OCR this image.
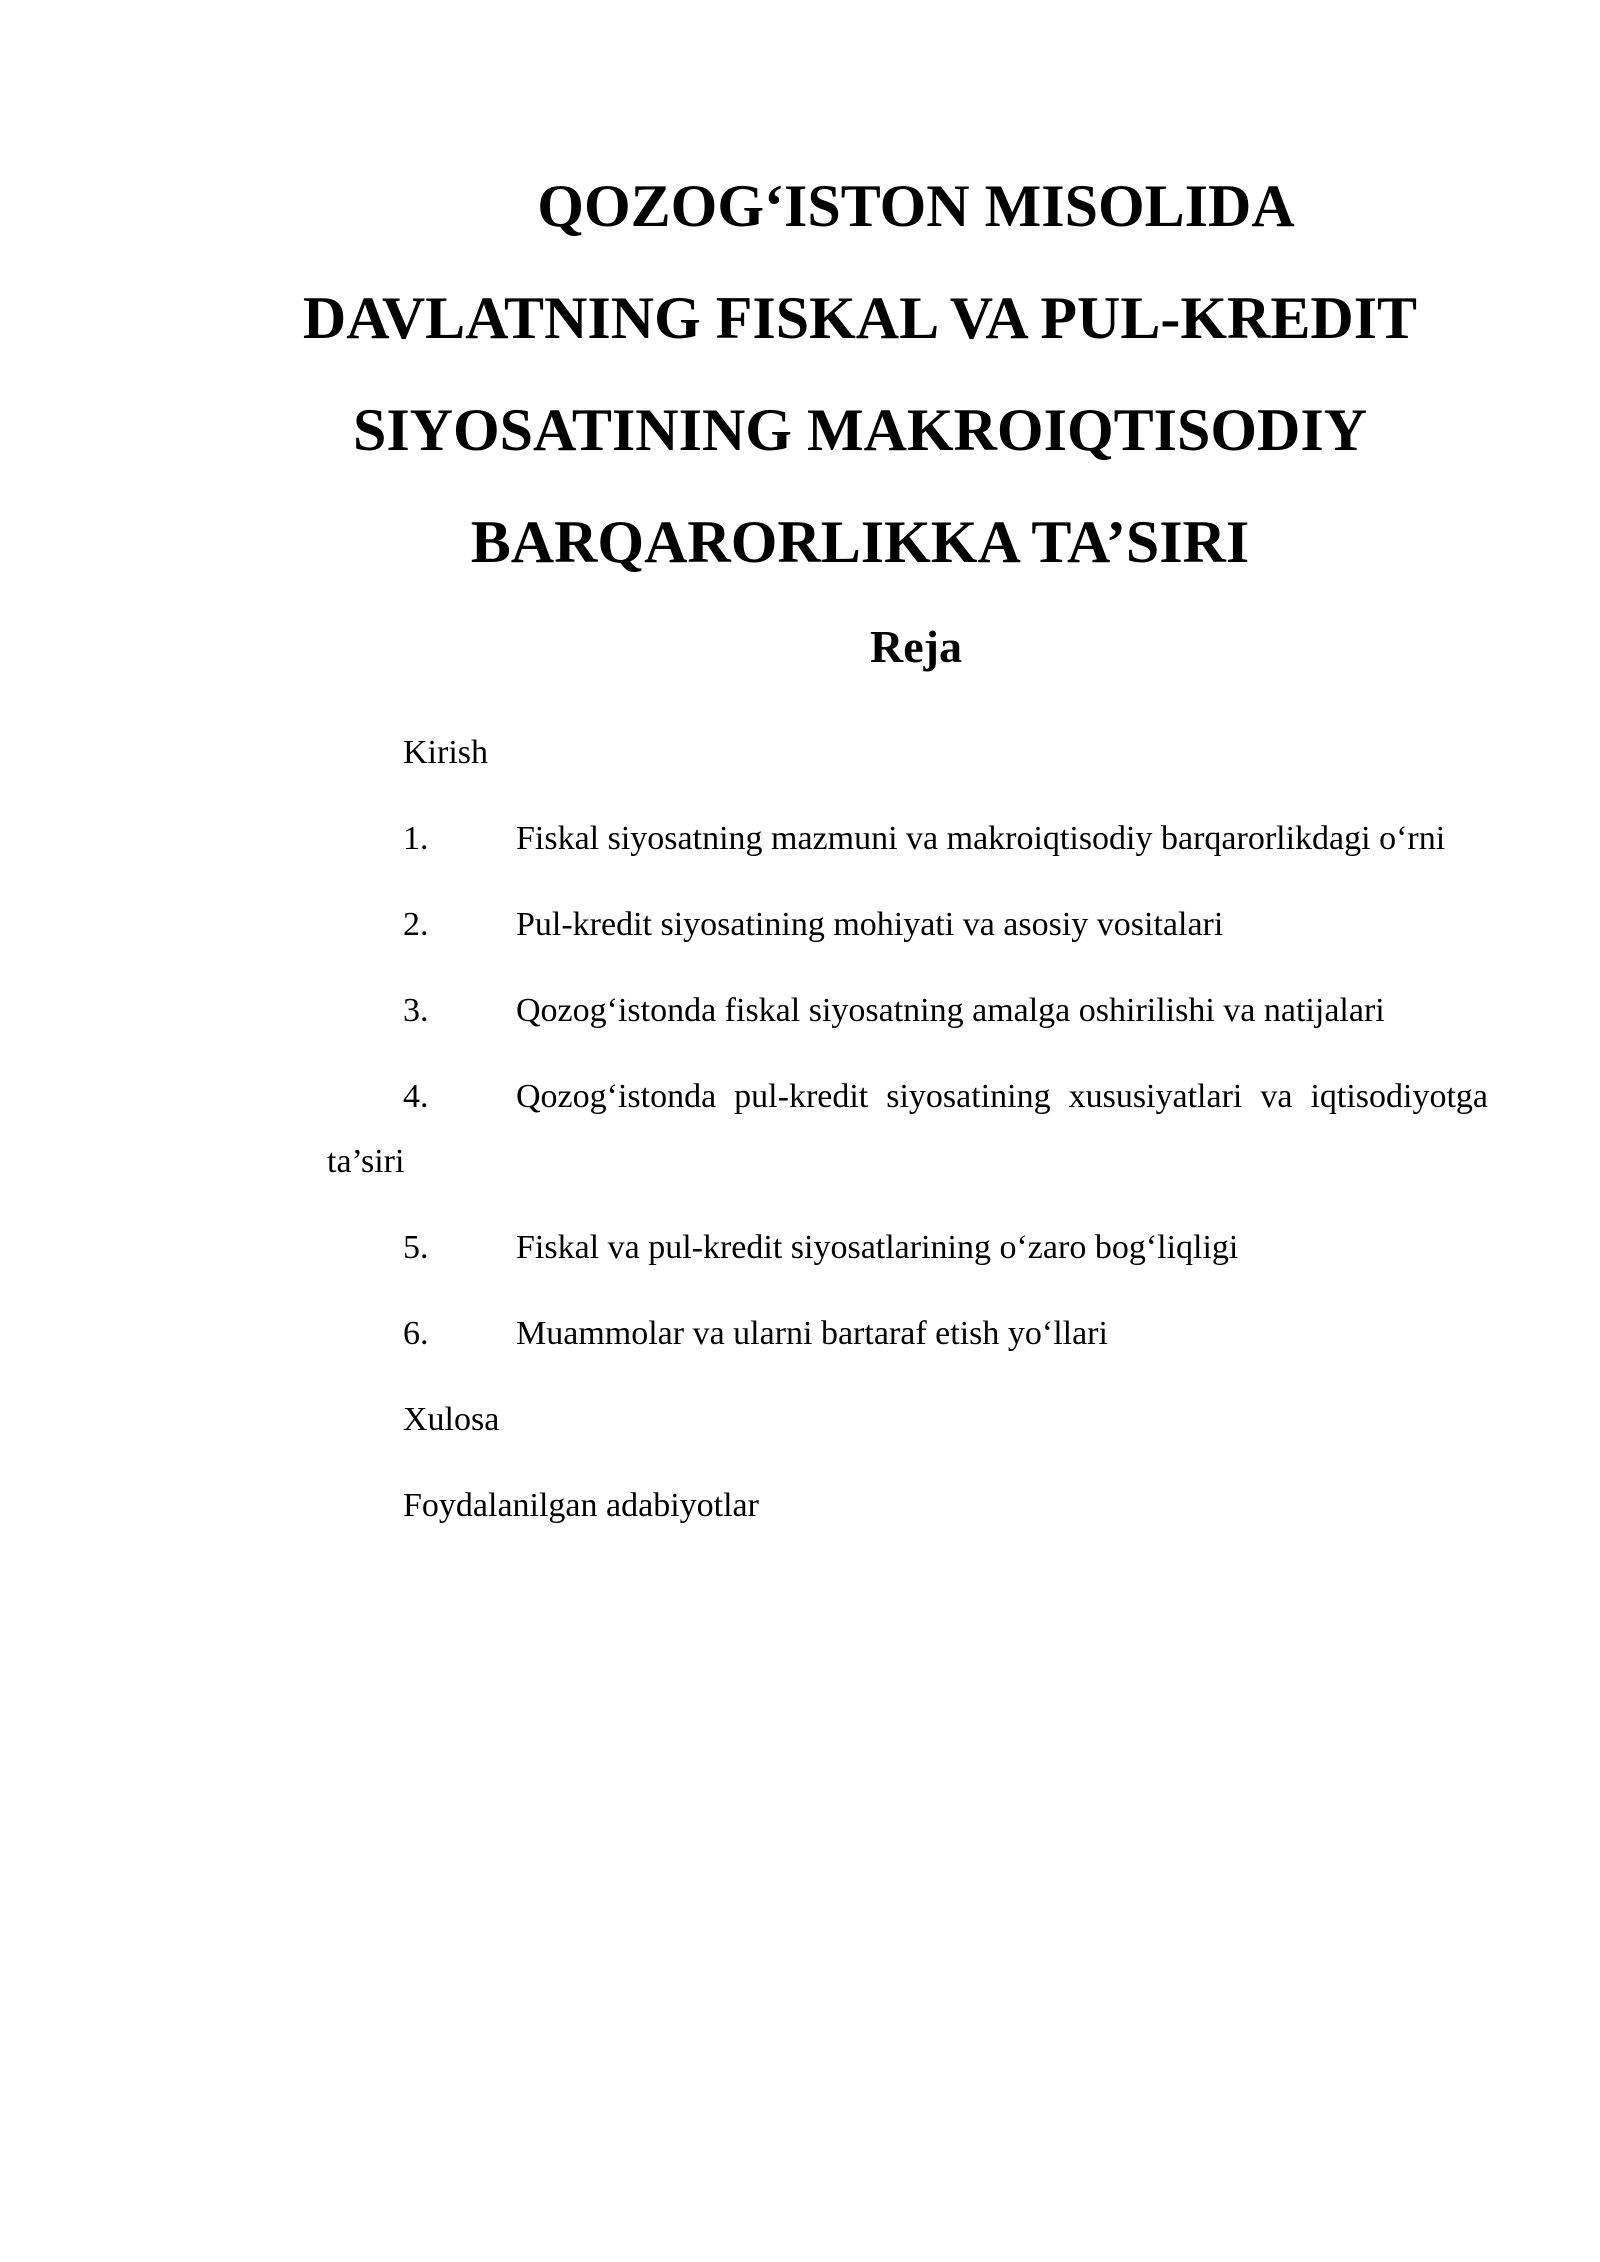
QOZOG‘ISTON MISOLIDA
DAVLATNING FISKAL VA PUL-KREDIT
SIYOSATINING MAKROIQTISODIY
BARQARORLIKKA TA’SIRI
Reja
Kirish
1.	Fiskal siyosatning mazmuni va makroiqtisodiy barqarorlikdagi o‘rni
2.	Pul-kredit siyosatining mohiyati va asosiy vositalari
3.	Qozog‘istonda fiskal siyosatning amalga oshirilishi va natijalari
4.	Qozog‘istonda pul-kredit siyosatining xususiyatlari va iqtisodiyotga ta’siri
5.	Fiskal va pul-kredit siyosatlarining o‘zaro bog‘liqligi
6.	Muammolar va ularni bartaraf etish yo‘llari
Xulosa
Foydalanilgan adabiyotlar
